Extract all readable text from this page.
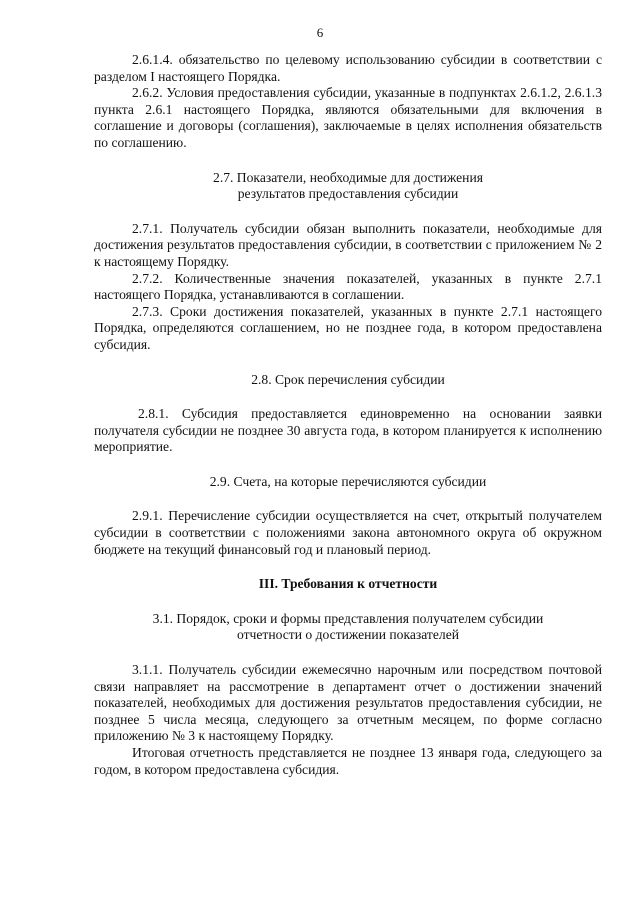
6

2.6.1.4. обязательство по целевому использованию субсидии в соответствии с разделом I настоящего Порядка.

2.6.2. Условия предоставления субсидии, указанные в подпунктах 2.6.1.2, 2.6.1.3 пункта 2.6.1 настоящего Порядка, являются обязательными для включения в соглашение и договоры (соглашения), заключаемые в целях исполнения обязательств по соглашению.

2.7. Показатели, необходимые для достижения
результатов предоставления субсидии

2.7.1. Получатель субсидии обязан выполнить показатели, необходимые для достижения результатов предоставления субсидии, в соответствии с приложением № 2 к настоящему Порядку.

2.7.2. Количественные значения показателей, указанных в пункте 2.7.1 настоящего Порядка, устанавливаются в соглашении.

2.7.3. Сроки достижения показателей, указанных в пункте 2.7.1 настоящего Порядка, определяются соглашением, но не позднее года, в котором предоставлена субсидия.

2.8. Срок перечисления субсидии

2.8.1. Субсидия предоставляется единовременно на основании заявки получателя субсидии не позднее 30 августа года, в котором планируется к исполнению мероприятие.

2.9. Счета, на которые перечисляются субсидии

2.9.1. Перечисление субсидии осуществляется на счет, открытый получателем субсидии в соответствии с положениями закона автономного округа об окружном бюджете на текущий финансовый год и плановый период.

III. Требования к отчетности
3.1. Порядок, сроки и формы представления получателем субсидии
отчетности о достижении показателей

3.1.1. Получатель субсидии ежемесячно нарочным или посредством почтовой связи направляет на рассмотрение в департамент отчет о достижении значений показателей, необходимых для достижения результатов предоставления субсидии, не позднее 5 числа месяца, следующего за отчетным месяцем, по форме согласно приложению № 3 к настоящему Порядку.

Итоговая отчетность представляется не позднее 13 января года, следующего за годом, в котором предоставлена субсидия.
